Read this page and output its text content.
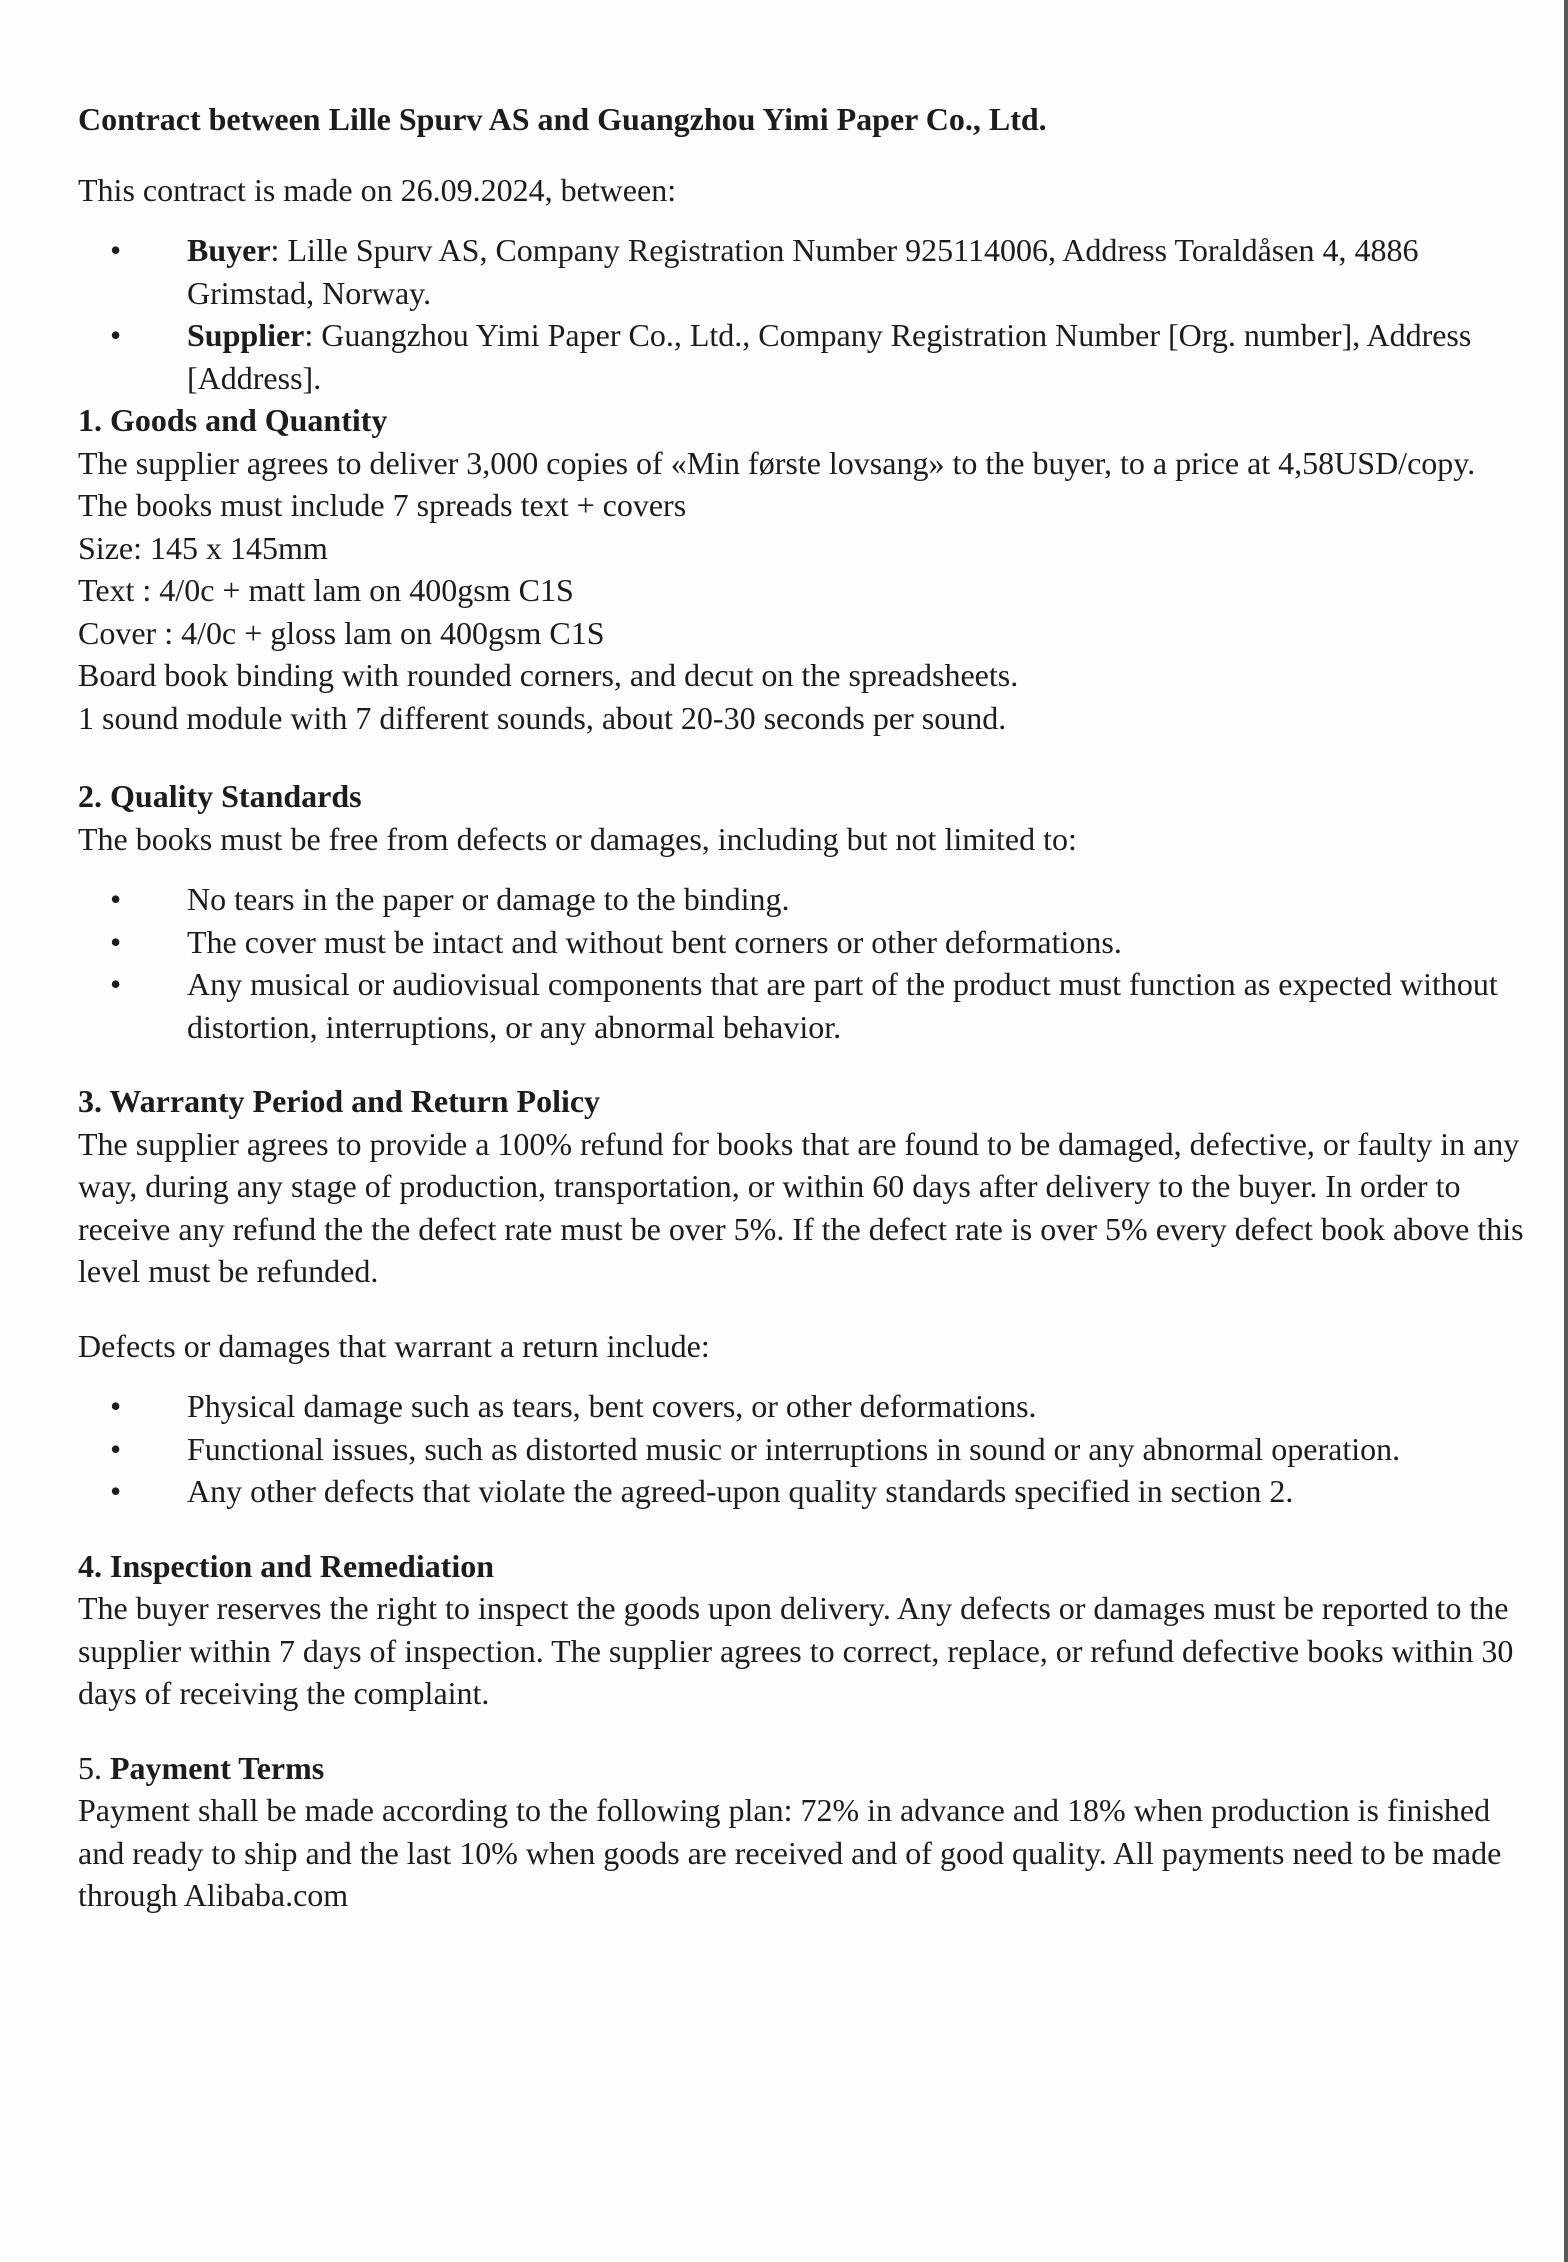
Contract between Lille Spurv AS and Guangzhou Yimi Paper Co., Ltd.

This contract is made on 26.09.2024, between:

• Buyer: Lille Spurv AS, Company Registration Number 925114006, Address Toraldåsen 4, 4886 Grimstad, Norway.
• Supplier: Guangzhou Yimi Paper Co., Ltd., Company Registration Number [Org. number], Address [Address].
1. Goods and Quantity

The supplier agrees to deliver 3,000 copies of «Min første lovsang» to the buyer, to a price at 4,58USD/copy.

The books must include 7 spreads text + covers

Size: 145 x 145mm

Text : 4/0c + matt lam on 400gsm C1S

Cover : 4/0c + gloss lam on 400gsm C1S

Board book binding with rounded corners, and decut on the spreadsheets.

1 sound module with 7 different sounds, about 20-30 seconds per sound.

2. Quality Standards

The books must be free from defects or damages, including but not limited to:

• No tears in the paper or damage to the binding.
• The cover must be intact and without bent corners or other deformations.
• Any musical or audiovisual components that are part of the product must function as expected without distortion, interruptions, or any abnormal behavior.
3. Warranty Period and Return Policy

The supplier agrees to provide a 100% refund for books that are found to be damaged, defective, or faulty in any way, during any stage of production, transportation, or within 60 days after delivery to the buyer. In order to receive any refund the the defect rate must be over 5%. If the defect rate is over 5% every defect book above this level must be refunded.

Defects or damages that warrant a return include:

• Physical damage such as tears, bent covers, or other deformations.
• Functional issues, such as distorted music or interruptions in sound or any abnormal operation.
• Any other defects that violate the agreed-upon quality standards specified in section 2.
4. Inspection and Remediation

The buyer reserves the right to inspect the goods upon delivery. Any defects or damages must be reported to the supplier within 7 days of inspection. The supplier agrees to correct, replace, or refund defective books within 30 days of receiving the complaint.

5. Payment Terms

Payment shall be made according to the following plan: 72% in advance and 18% when production is finished and ready to ship and the last 10% when goods are received and of good quality. All payments need to be made through Alibaba.com
